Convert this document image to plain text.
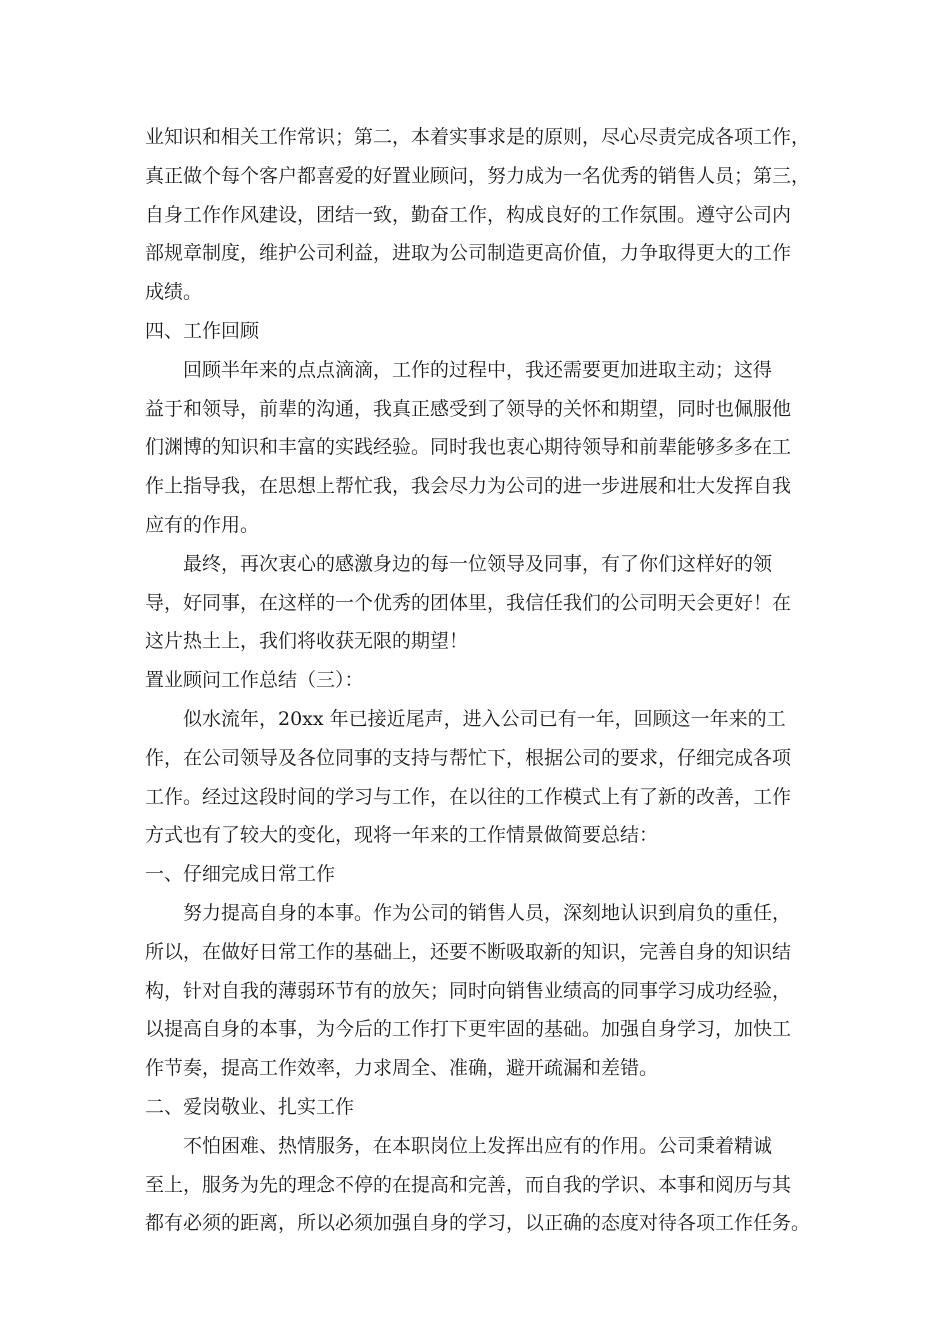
业知识和相关工作常识；第二，本着实事求是的原则，尽心尽责完成各项工作，
真正做个每个客户都喜爱的好置业顾问，努力成为一名优秀的销售人员；第三，
自身工作作风建设，团结一致，勤奋工作，构成良好的工作氛围。遵守公司内
部规章制度，维护公司利益，进取为公司制造更高价值，力争取得更大的工作
成绩。

四、工作回顾

回顾半年来的点点滴滴，工作的过程中，我还需要更加进取主动；这得
益于和领导，前辈的沟通，我真正感受到了领导的关怀和期望，同时也佩服他
们渊博的知识和丰富的实践经验。同时我也衷心期待领导和前辈能够多多在工
作上指导我，在思想上帮忙我，我会尽力为公司的进一步进展和壮大发挥自我
应有的作用。

最终，再次衷心的感激身边的每一位领导及同事，有了你们这样好的领
导，好同事，在这样的一个优秀的团体里，我信任我们的公司明天会更好！在
这片热土上，我们将收获无限的期望！

置业顾问工作总结（三）：

似水流年，20xx 年已接近尾声，进入公司已有一年，回顾这一年来的工
作，在公司领导及各位同事的支持与帮忙下，根据公司的要求，仔细完成各项
工作。经过这段时间的学习与工作，在以往的工作模式上有了新的改善，工作
方式也有了较大的变化，现将一年来的工作情景做简要总结：

一、仔细完成日常工作

努力提高自身的本事。作为公司的销售人员，深刻地认识到肩负的重任，
所以，在做好日常工作的基础上，还要不断吸取新的知识，完善自身的知识结
构，针对自我的薄弱环节有的放矢；同时向销售业绩高的同事学习成功经验，
以提高自身的本事，为今后的工作打下更牢固的基础。加强自身学习，加快工
作节奏，提高工作效率，力求周全、准确，避开疏漏和差错。

二、爱岗敬业、扎实工作

不怕困难、热情服务，在本职岗位上发挥出应有的作用。公司秉着精诚
至上，服务为先的理念不停的在提高和完善，而自我的学识、本事和阅历与其
都有必须的距离，所以必须加强自身的学习，以正确的态度对待各项工作任务。
